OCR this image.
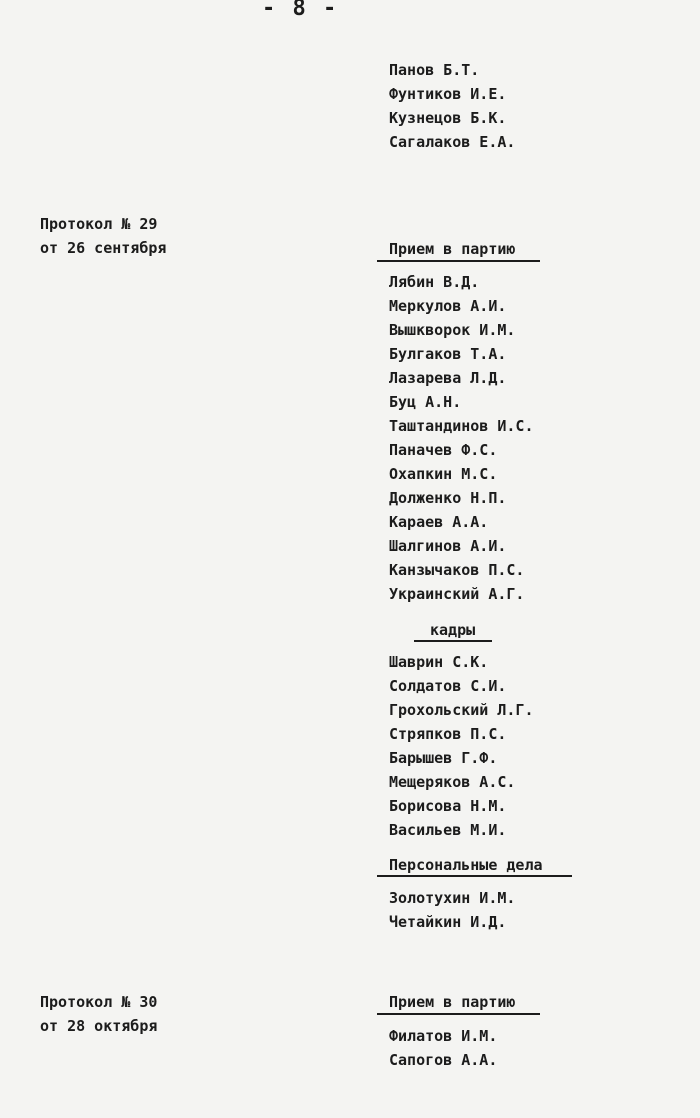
- 8 -
Панов Б.Т.
Фунтиков И.Е.
Кузнецов Б.К.
Сагалаков Е.А.
Протокол № 29
от 26 сентября	Прием в партию
Лябин В.Д.
Меркулов А.И.
Вышкворок И.М.
Булгаков Т.А.
Лазарева Л.Д.
Буц А.Н.
Таштандинов И.С.
Паначев Ф.С.
Охапкин М.С.
Долженко Н.П.
Караев А.А.
Шалгинов А.И.
Канзычаков П.С.
Украинский А.Г.
кадры
Шаврин С.К.
Солдатов С.И.
Грохольский Л.Г.
Стряпков П.С.
Барышев Г.Ф.
Мещеряков А.С.
Борисова Н.М.
Васильев М.И.
Персональные дела
Золотухин И.М.
Четайкин И.Д.
Протокол № 30
от 28 октября
Прием в партию
Филатов И.М.
Сапогов А.А.
